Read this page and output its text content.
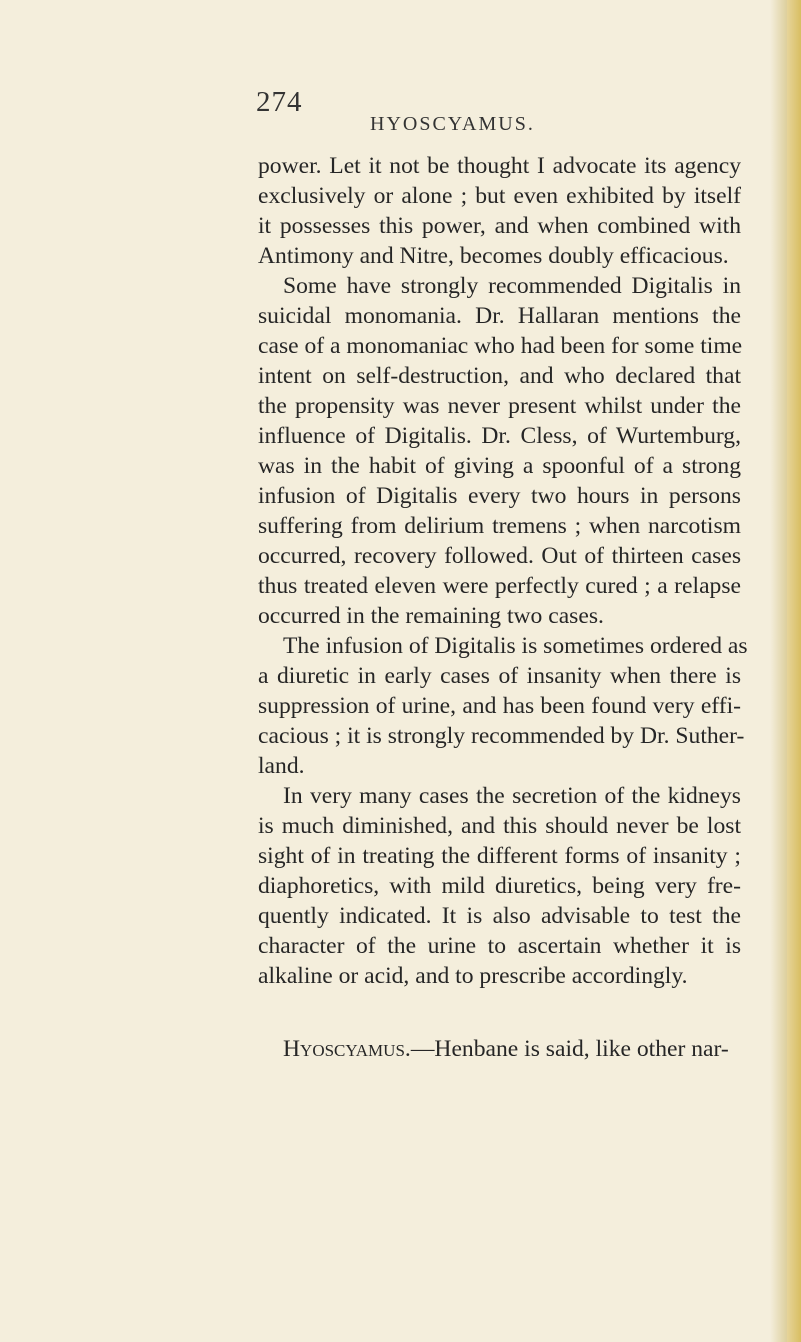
274
HYOSCYAMUS.
power. Let it not be thought I advocate its agency
exclusively or alone ; but even exhibited by itself
it possesses this power, and when combined with
Antimony and Nitre, becomes doubly efficacious.
Some have strongly recommended Digitalis in
suicidal monomania. Dr. Hallaran mentions the
case of a monomaniac who had been for some time
intent on self-destruction, and who declared that
the propensity was never present whilst under the
influence of Digitalis. Dr. Cless, of Wurtemburg,
was in the habit of giving a spoonful of a strong
infusion of Digitalis every two hours in persons
suffering from delirium tremens ; when narcotism
occurred, recovery followed. Out of thirteen cases
thus treated eleven were perfectly cured ; a relapse
occurred in the remaining two cases.
The infusion of Digitalis is sometimes ordered as
a diuretic in early cases of insanity when there is
suppression of urine, and has been found very effi-
cacious ; it is strongly recommended by Dr. Suther-
land.
In very many cases the secretion of the kidneys
is much diminished, and this should never be lost
sight of in treating the different forms of insanity ;
diaphoretics, with mild diuretics, being very fre-
quently indicated. It is also advisable to test the
character of the urine to ascertain whether it is
alkaline or acid, and to prescribe accordingly.
Hyoscyamus.—Henbane is said, like other nar-
